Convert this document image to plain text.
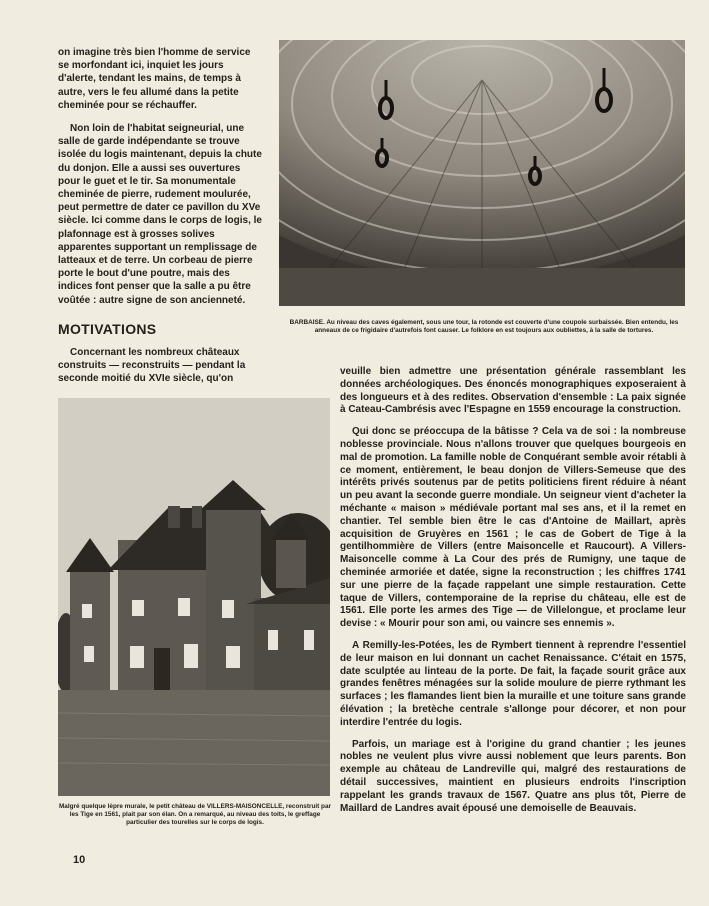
on imagine très bien l'homme de service se morfondant ici, inquiet les jours d'alerte, tendant les mains, de temps à autre, vers le feu allumé dans la petite cheminée pour se réchauffer.

Non loin de l'habitat seigneurial, une salle de garde indépendante se trouve isolée du logis maintenant, depuis la chute du donjon. Elle a aussi ses ouvertures pour le guet et le tir. Sa monumentale cheminée de pierre, rudement moulurée, peut permettre de dater ce pavillon du XVe siècle. Ici comme dans le corps de logis, le plafonnage est à grosses solives apparentes supportant un remplissage de latteaux et de terre. Un corbeau de pierre porte le bout d'une poutre, mais des indices font penser que la salle a pu être voûtée : autre signe de son ancienneté.

MOTIVATIONS

Concernant les nombreux châteaux construits — reconstruits — pendant la seconde moitié du XVIe siècle, qu'on

BARBAISE. Au niveau des caves également, sous une tour, la rotonde est couverte d'une coupole surbaissée. Bien entendu, les anneaux de ce frigidaire d'autrefois font causer. Le folklore en est toujours aux oubliettes, à la salle de tortures.
Malgré quelque lèpre murale, le petit château de VILLERS-MAISONCELLE, reconstruit par les Tige en 1561, plait par son élan. On a remarqué, au niveau des toits, le greffage particulier des tourelles sur le corps de logis.

veuille bien admettre une présentation générale rassemblant les données archéologiques. Des énoncés monographiques exposeraient à des longueurs et à des redites. Observation d'ensemble : La paix signée à Cateau-Cambrésis avec l'Espagne en 1559 encourage la construction.

Qui donc se préoccupa de la bâtisse ? Cela va de soi : la nombreuse noblesse provinciale. Nous n'allons trouver que quelques bourgeois en mal de promotion. La famille noble de Conquérant semble avoir rétabli à ce moment, entièrement, le beau donjon de Villers-Semeuse que des intérêts privés soutenus par de petits politiciens firent réduire à néant un peu avant la seconde guerre mondiale. Un seigneur vient d'acheter la méchante « maison » médiévale portant mal ses ans, et il la remet en chantier. Tel semble bien être le cas d'Antoine de Maillart, après acquisition de Gruyères en 1561 ; le cas de Gobert de Tige à la gentilhommière de Villers (entre Maisoncelle et Raucourt). A Villers-Maisoncelle comme à La Cour des prés de Rumigny, une taque de cheminée armoriée et datée, signe la reconstruction ; les chiffres 1741 sur une pierre de la façade rappelant une simple restauration. Cette taque de Villers, contemporaine de la reprise du château, elle est de 1561. Elle porte les armes des Tige — de Villelongue, et proclame leur devise : « Mourir pour son ami, ou vaincre ses ennemis ».

A Remilly-les-Potées, les de Rymbert tiennent à reprendre l'essentiel de leur maison en lui donnant un cachet Renaissance. C'était en 1575, date sculptée au linteau de la porte. De fait, la façade sourit grâce aux grandes fenêtres ménagées sur la solide moulure de pierre rythmant les surfaces ; les flamandes lient bien la muraille et une toiture sans grande élévation ; la bretèche centrale s'allonge pour décorer, et non pour interdire l'entrée du logis.

Parfois, un mariage est à l'origine du grand chantier ; les jeunes nobles ne veulent plus vivre aussi noblement que leurs parents. Bon exemple au château de Landreville qui, malgré des restaurations de détail successives, maintient en plusieurs endroits l'inscription rappelant les grands travaux de 1567. Quatre ans plus tôt, Pierre de Maillard de Landres avait épousé une demoiselle de Beauvais.

10
